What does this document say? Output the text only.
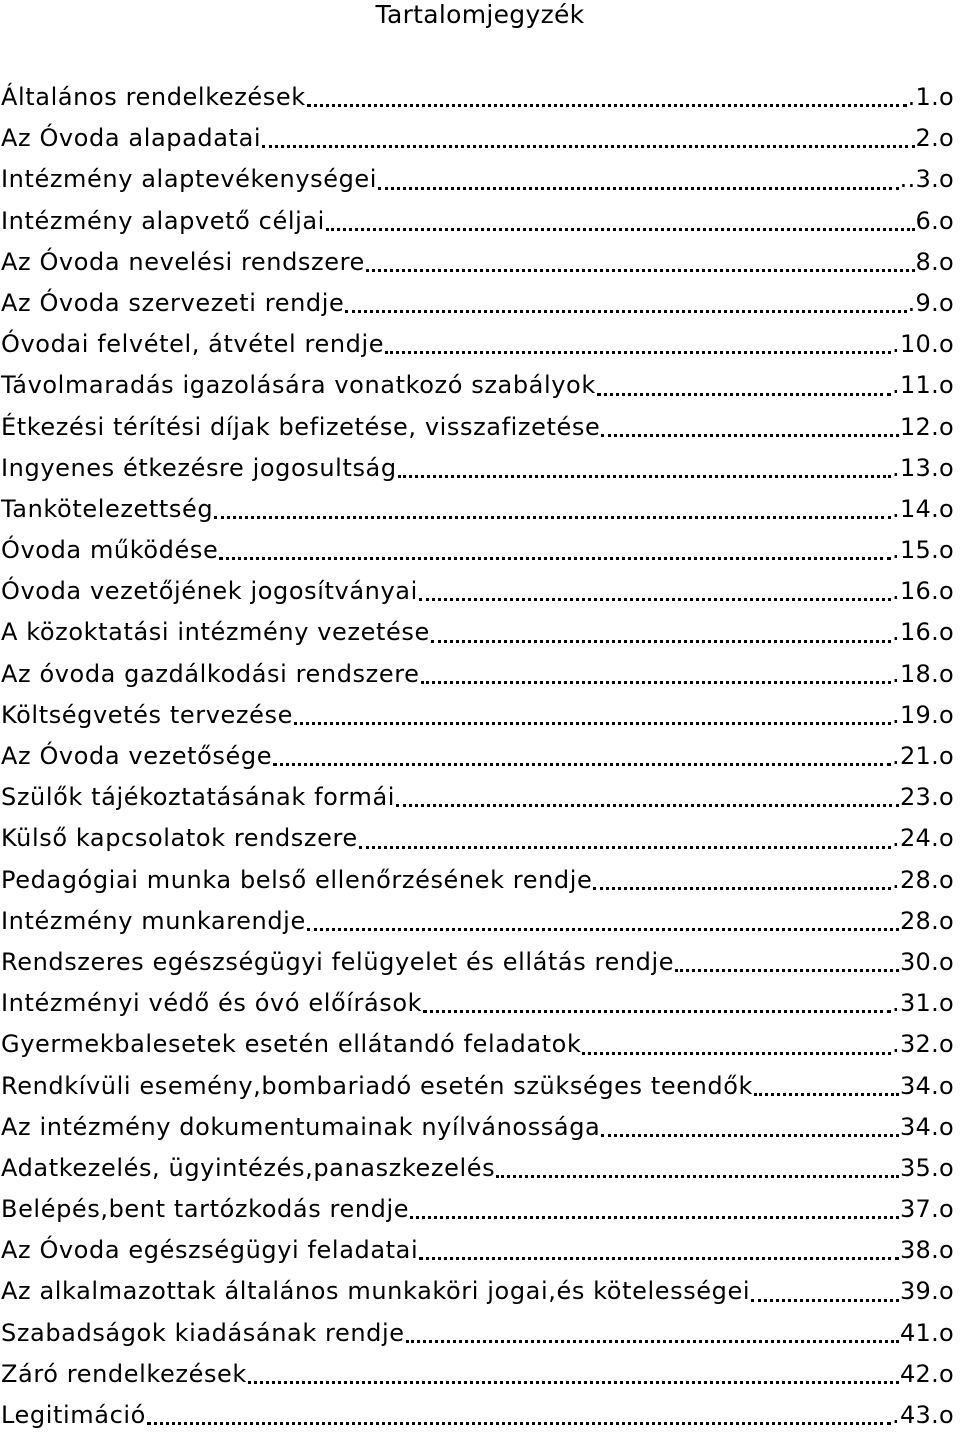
Tartalomjegyzék
Általános rendelkezések	.1.o
Az Óvoda alapadatai	2.o
Intézmény alaptevékenységei	..3.o
Intézmény alapvető céljai	6.o
Az Óvoda nevelési rendszere	8.o
Az Óvoda szervezeti rendje	.9.o
Óvodai felvétel, átvétel rendje	.10.o
Távolmaradás igazolására vonatkozó szabályok	.11.o
Étkezési térítési díjak befizetése, visszafizetése	12.o
Ingyenes étkezésre jogosultság	.13.o
Tankötelezettség	.14.o
Óvoda működése	.15.o
Óvoda vezetőjének jogosítványai	.16.o
A közoktatási intézmény vezetése	.16.o
Az óvoda gazdálkodási rendszere	.18.o
Költségvetés tervezése	.19.o
Az Óvoda vezetősége	.21.o
Szülők tájékoztatásának formái	23.o
Külső kapcsolatok rendszere	.24.o
Pedagógiai munka belső ellenőrzésének rendje	.28.o
Intézmény munkarendje	28.o
Rendszeres egészségügyi felügyelet és ellátás rendje	30.o
Intézményi védő és óvó előírások	.31.o
Gyermekbalesetek esetén ellátandó feladatok	.32.o
Rendkívüli esemény,bombariadó esetén szükséges teendők	34.o
Az intézmény dokumentumainak nyílvánossága	34.o
Adatkezelés, ügyintézés,panaszkezelés	35.o
Belépés,bent tartózkodás rendje	37.o
Az Óvoda egészségügyi feladatai	38.o
Az alkalmazottak általános munkaköri jogai,és kötelességei	39.o
Szabadságok kiadásának rendje	41.o
Záró rendelkezések	42.o
Legitimáció	.43.o
